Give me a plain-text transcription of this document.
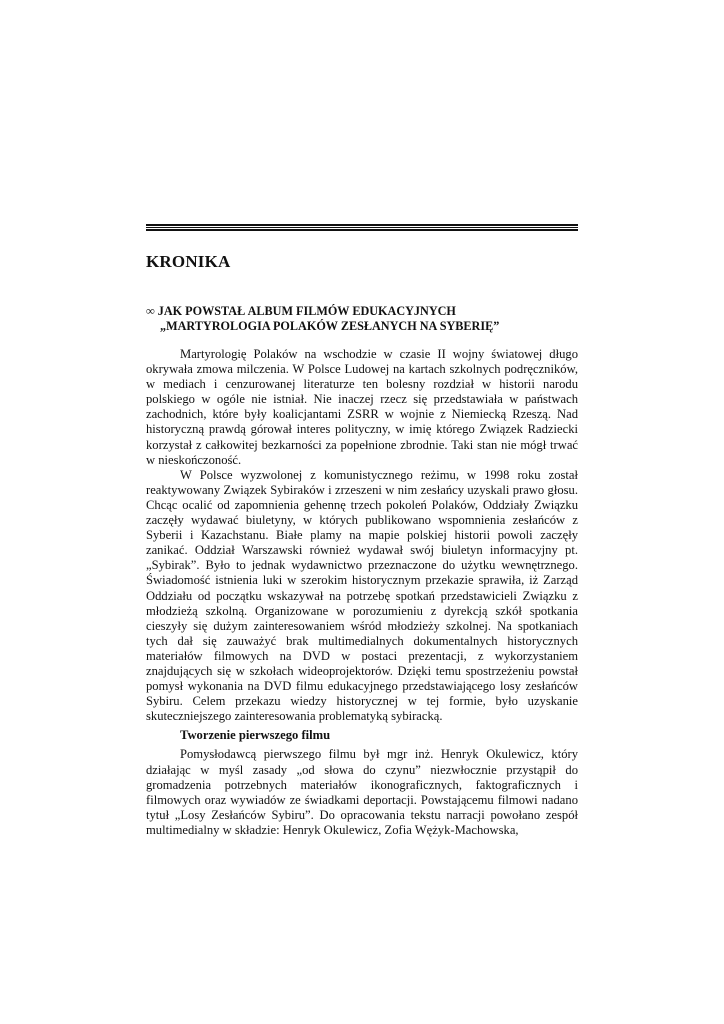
KRONIKA
∞ JAK POWSTAŁ ALBUM FILMÓW EDUKACYJNYCH
„MARTYROLOGIA POLAKÓW ZESŁANYCH NA SYBERIĘ”

Martyrologię Polaków na wschodzie w czasie II wojny światowej długo okrywała zmowa milczenia. W Polsce Ludowej na kartach szkolnych podręczników, w mediach i cenzurowanej literaturze ten bolesny rozdział w historii narodu polskiego w ogóle nie istniał. Nie inaczej rzecz się przedstawiała w państwach zachodnich, które były koalicjantami ZSRR w wojnie z Niemiecką Rzeszą. Nad historyczną prawdą górował interes polityczny, w imię którego Związek Radziecki korzystał z całkowitej bezkarności za popełnione zbrodnie. Taki stan nie mógł trwać w nieskończoność.

W Polsce wyzwolonej z komunistycznego reżimu, w 1998 roku został reaktywowany Związek Sybiraków i zrzeszeni w nim zesłańcy uzyskali prawo głosu. Chcąc ocalić od zapomnienia gehennę trzech pokoleń Polaków, Oddziały Związku zaczęły wydawać biuletyny, w których publikowano wspomnienia zesłańców z Syberii i Kazachstanu. Białe plamy na mapie polskiej historii powoli zaczęły zanikać. Oddział Warszawski również wydawał swój biuletyn informacyjny pt. „Sybirak”. Było to jednak wydawnictwo przeznaczone do użytku wewnętrznego. Świadomość istnienia luki w szerokim historycznym przekazie sprawiła, iż Zarząd Oddziału od początku wskazywał na potrzebę spotkań przedstawicieli Związku z młodzieżą szkolną. Organizowane w porozumieniu z dyrekcją szkół spotkania cieszyły się dużym zainteresowaniem wśród młodzieży szkolnej. Na spotkaniach tych dał się zauważyć brak multimedialnych dokumentalnych historycznych materiałów filmowych na DVD w postaci prezentacji, z wykorzystaniem znajdujących się w szkołach wideoprojektorów. Dzięki temu spostrzeżeniu powstał pomysł wykonania na DVD filmu edukacyjnego przedstawiającego losy zesłańców Sybiru. Celem przekazu wiedzy historycznej w tej formie, było uzyskanie skuteczniejszego zainteresowania problematyką sybiracką.

Tworzenie pierwszego filmu

Pomysłodawcą pierwszego filmu był mgr inż. Henryk Okulewicz, który działając w myśl zasady „od słowa do czynu” niezwłocznie przystąpił do gromadzenia potrzebnych materiałów ikonograficznych, faktograficznych i filmowych oraz wywiadów ze świadkami deportacji. Powstającemu filmowi nadano tytuł „Losy Zesłańców Sybiru”. Do opracowania tekstu narracji powołano zespół multimedialny w składzie: Henryk Okulewicz, Zofia Wężyk-Machowska,
